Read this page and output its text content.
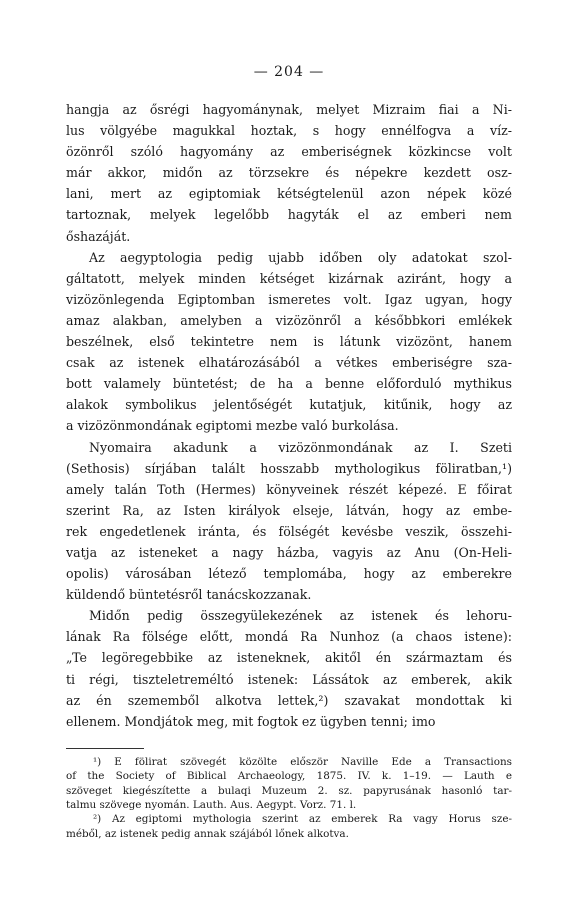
— 204 —
hangja az ősrégi hagyománynak, melyet Mizraim fiai a Ni-
lus völgyébe magukkal hoztak, s hogy ennélfogva a víz-
özönről szóló hagyomány az emberiségnek közkincse volt
már akkor, midőn az törzsekre és népekre kezdett osz-
lani, mert az egiptomiak kétségtelenül azon népek közé
tartoznak, melyek legelőbb hagyták el az emberi nem
őshazáját.
Az aegyptologia pedig ujabb időben oly adatokat szol-
gáltatott, melyek minden kétséget kizárnak aziránt, hogy a
vizözönlegenda Egiptomban ismeretes volt. Igaz ugyan, hogy
amaz alakban, amelyben a vizözönről a későbbkori emlékek
beszélnek, első tekintetre nem is látunk vizözönt, hanem
csak az istenek elhatározásából a vétkes emberiségre sza-
bott valamely büntetést; de ha a benne előforduló mythikus
alakok symbolikus jelentőségét kutatjuk, kitűnik, hogy az
a vizözönmondának egiptomi mezbe való burkolása.
Nyomaira akadunk a vizözönmondának az I. Szeti
(Sethosis) sírjában talált hosszabb mythologikus föliratban,¹)
amely talán Toth (Hermes) könyveinek részét képezé. E főirat
szerint Ra, az Isten királyok elseje, látván, hogy az embe-
rek engedetlenek iránta, és fölségét kevésbe veszik, összehi-
vatja az isteneket a nagy házba, vagyis az Anu (On-Heli-
opolis) városában létező templomába, hogy az emberekre
küldendő büntetésről tanácskozzanak.
Midőn pedig összegyülekezének az istenek és lehoru-
lának Ra fölsége előtt, mondá Ra Nunhoz (a chaos istene):
„Te legöregebbike az isteneknek, akitől én származtam és
ti régi, tiszteletreméltó istenek: Lássátok az emberek, akik
az én szememből alkotva lettek,²) szavakat mondottak ki
ellenem. Mondjátok meg, mit fogtok ez ügyben tenni; imo
¹) E fölirat szövegét közölte először Naville Ede a Transactions
of the Society of Biblical Archaeology, 1875. IV. k. 1–19. — Lauth e
szöveget kiegészítette a bulaqi Muzeum 2. sz. papyrusának hasonló tar-
talmu szövege nyomán. Lauth. Aus. Aegypt. Vorz. 71. l.
²) Az egiptomi mythologia szerint az emberek Ra vagy Horus sze-
méből, az istenek pedig annak szájából lőnek alkotva.
